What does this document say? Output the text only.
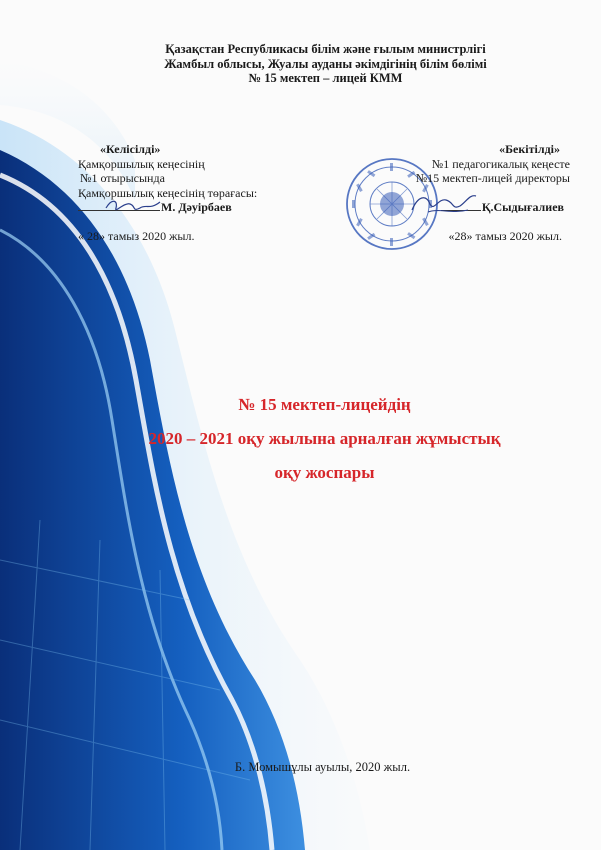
Қазақстан Республикасы білім және ғылым министрлігі
Жамбыл облысы, Жуалы ауданы әкімдігінің білім бөлімі
№ 15 мектеп – лицей КММ
«Келісілді»
Қамқоршылық кеңесінің
№1 отырысында
Қамқоршылық кеңесінің төрағасы:
М. Дәуірбаев
« 28» тамыз 2020 жыл.
«Бекітілді»
№1 педагогикалық кеңесте
№15 мектеп-лицей директоры
Қ.Сыдығалиев
«28» тамыз 2020 жыл.
№ 15 мектеп-лицейдің
2020 – 2021 оқу жылына арналған жұмыстық
оқу жоспары
Б. Момышұлы ауылы, 2020 жыл.
